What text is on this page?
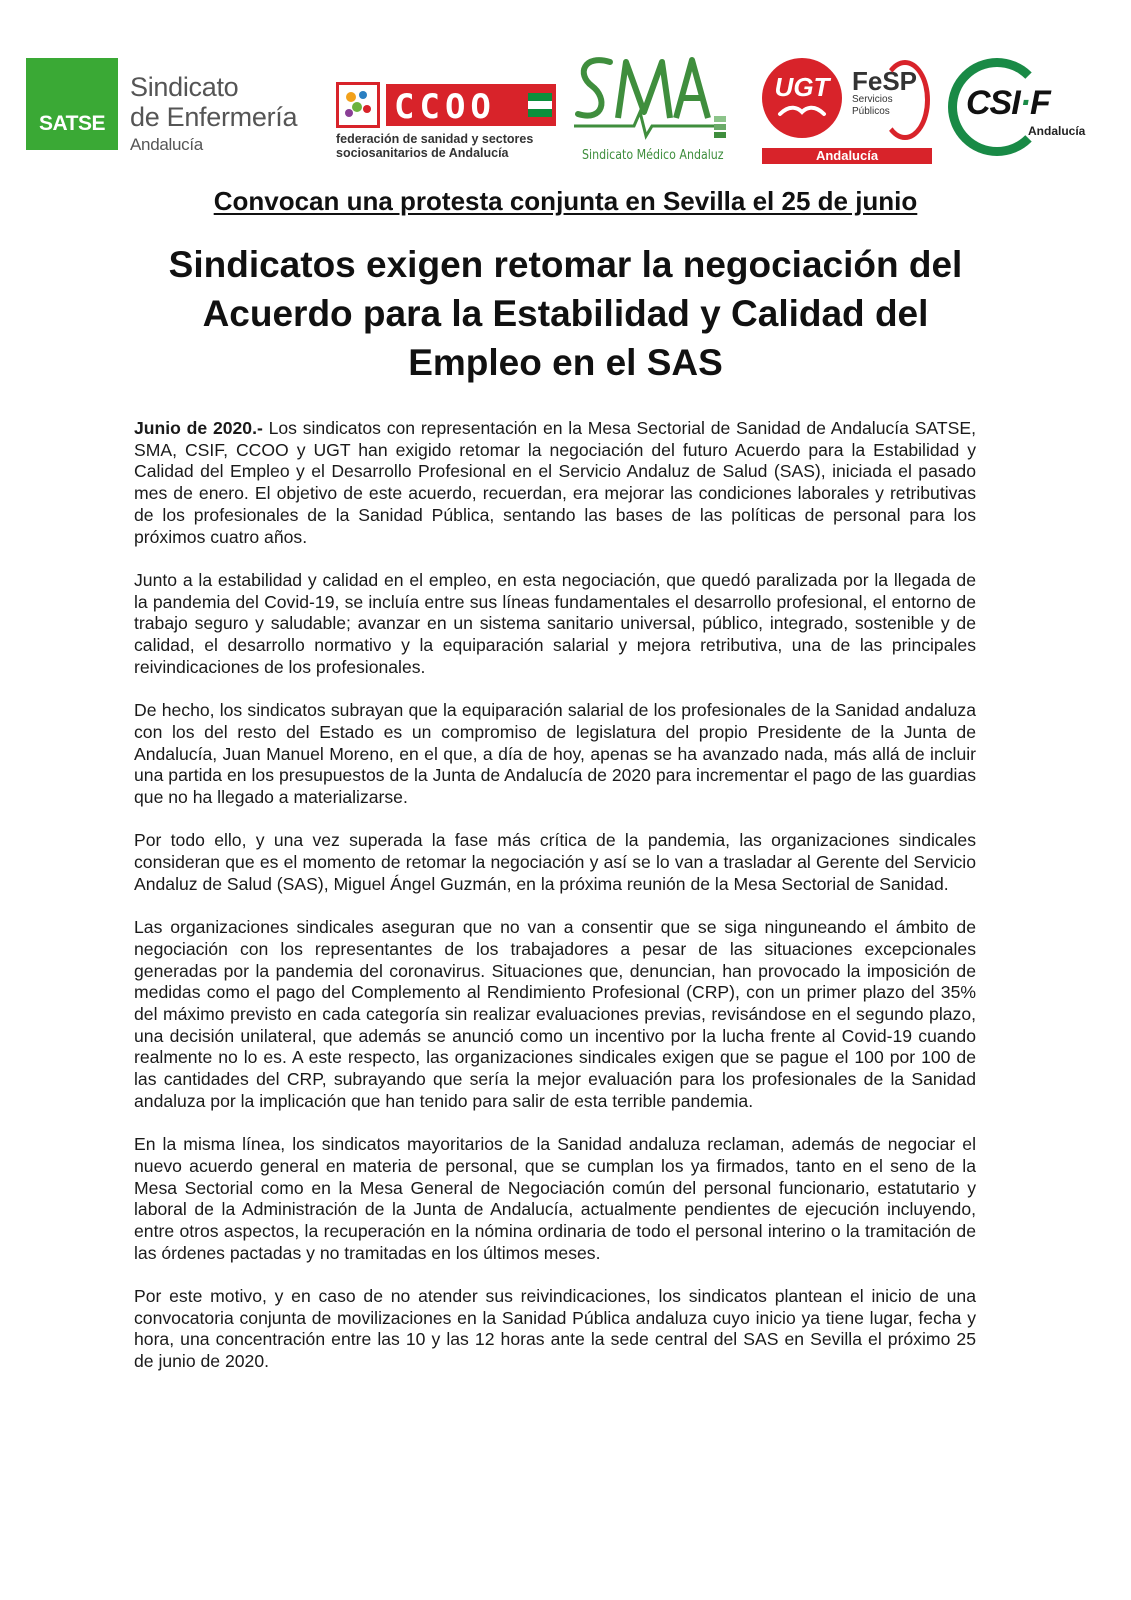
SATSE
Sindicato
de Enfermería
Andalucía
CCOO
federación de sanidad y sectores
sociosanitarios de Andalucía	Sindicato Médico Andaluz
UGT FeSP
Servicios
Públicos
Andalucía
CSI·F
Andalucía
Convocan una protesta conjunta en Sevilla el 25 de junio
Sindicatos exigen retomar la negociación del
Acuerdo para la Estabilidad y Calidad del
Empleo en el SAS

Junio de 2020.- Los sindicatos con representación en la Mesa Sectorial de Sanidad de Andalucía SATSE, SMA, CSIF, CCOO y UGT han exigido retomar la negociación del futuro Acuerdo para la Estabilidad y Calidad del Empleo y el Desarrollo Profesional en el Servicio Andaluz de Salud (SAS), iniciada el pasado mes de enero. El objetivo de este acuerdo, recuerdan, era mejorar las condiciones laborales y retributivas de los profesionales de la Sanidad Pública, sentando las bases de las políticas de personal para los próximos cuatro años.

Junto a la estabilidad y calidad en el empleo, en esta negociación, que quedó paralizada por la llegada de la pandemia del Covid-19, se incluía entre sus líneas fundamentales el desarrollo profesional, el entorno de trabajo seguro y saludable; avanzar en un sistema sanitario universal, público, integrado, sostenible y de calidad, el desarrollo normativo y la equiparación salarial y mejora retributiva, una de las principales reivindicaciones de los profesionales.

De hecho, los sindicatos subrayan que la equiparación salarial de los profesionales de la Sanidad andaluza con los del resto del Estado es un compromiso de legislatura del propio Presidente de la Junta de Andalucía, Juan Manuel Moreno, en el que, a día de hoy, apenas se ha avanzado nada, más allá de incluir una partida en los presupuestos de la Junta de Andalucía de 2020 para incrementar el pago de las guardias que no ha llegado a materializarse.

Por todo ello, y una vez superada la fase más crítica de la pandemia, las organizaciones sindicales consideran que es el momento de retomar la negociación y así se lo van a trasladar al Gerente del Servicio Andaluz de Salud (SAS), Miguel Ángel Guzmán, en la próxima reunión de la Mesa Sectorial de Sanidad.

Las organizaciones sindicales aseguran que no van a consentir que se siga ninguneando el ámbito de negociación con los representantes de los trabajadores a pesar de las situaciones excepcionales generadas por la pandemia del coronavirus. Situaciones que, denuncian, han provocado la imposición de medidas como el pago del Complemento al Rendimiento Profesional (CRP), con un primer plazo del 35% del máximo previsto en cada categoría sin realizar evaluaciones previas, revisándose en el segundo plazo, una decisión unilateral, que además se anunció como un incentivo por la lucha frente al Covid-19 cuando realmente no lo es. A este respecto, las organizaciones sindicales exigen que se pague el 100 por 100 de las cantidades del CRP, subrayando que sería la mejor evaluación para los profesionales de la Sanidad andaluza por la implicación que han tenido para salir de esta terrible pandemia.

En la misma línea, los sindicatos mayoritarios de la Sanidad andaluza reclaman, además de negociar el nuevo acuerdo general en materia de personal, que se cumplan los ya firmados, tanto en el seno de la Mesa Sectorial como en la Mesa General de Negociación común del personal funcionario, estatutario y laboral de la Administración de la Junta de Andalucía, actualmente pendientes de ejecución incluyendo, entre otros aspectos, la recuperación en la nómina ordinaria de todo el personal interino o la tramitación de las órdenes pactadas y no tramitadas en los últimos meses.

Por este motivo, y en caso de no atender sus reivindicaciones, los sindicatos plantean el inicio de una convocatoria conjunta de movilizaciones en la Sanidad Pública andaluza cuyo inicio ya tiene lugar, fecha y hora, una concentración entre las 10 y las 12 horas ante la sede central del SAS en Sevilla el próximo 25 de junio de 2020.
